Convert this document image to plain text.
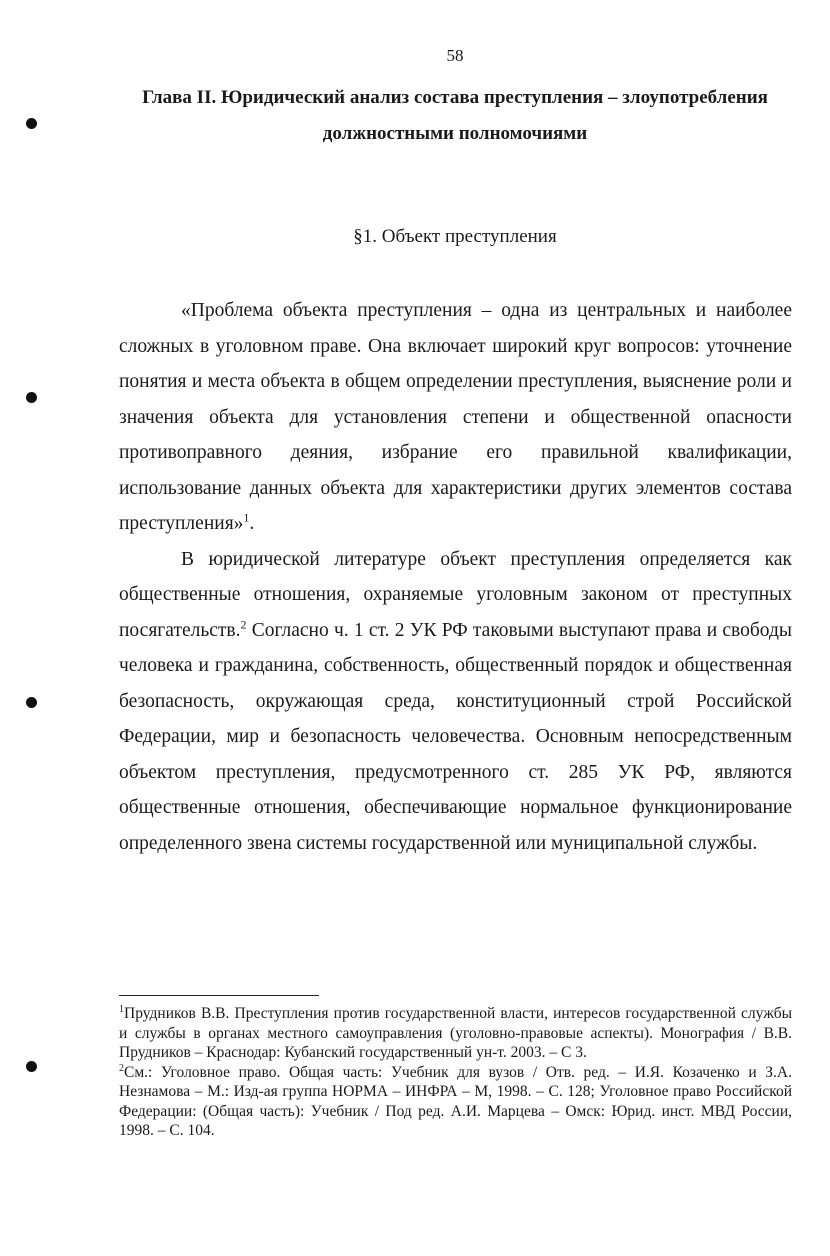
58
Глава II. Юридический анализ состава преступления – злоупотребления
должностными полномочиями
§1. Объект преступления

«Проблема объекта преступления – одна из центральных и наиболее сложных в уголовном праве. Она включает широкий круг вопросов: уточнение понятия и места объекта в общем определении преступления, выяснение роли и значения объекта для установления степени и общественной опасности противоправного деяния, избрание его правильной квалификации, использование данных объекта для характеристики других элементов состава преступления»$^1$.

В юридической литературе объект преступления определяется как общественные отношения, охраняемые уголовным законом от преступных посягательств.$^2$ Согласно ч. 1 ст. 2 УК РФ таковыми выступают права и свободы человека и гражданина, собственность, общественный порядок и общественная безопасность, окружающая среда, конституционный строй Российской Федерации, мир и безопасность человечества. Основным непосредственным объектом преступления, предусмотренного ст. 285 УК РФ, являются общественные отношения, обеспечивающие нормальное функционирование определенного звена системы государственной или муниципальной службы.

$^1$Прудников В.В. Преступления против государственной власти, интересов государственной службы и службы в органах местного самоуправления (уголовно-правовые аспекты). Монография / В.В. Прудников – Краснодар: Кубанский государственный ун-т. 2003. – С 3.

$^2$См.: Уголовное право. Общая часть: Учебник для вузов / Отв. ред. – И.Я. Козаченко и З.А. Незнамова – М.: Изд-ая группа НОРМА – ИНФРА – М, 1998. – С. 128; Уголовное право Российской Федерации: (Общая часть): Учебник / Под ред. А.И. Марцева – Омск: Юрид. инст. МВД России, 1998. – С. 104.
